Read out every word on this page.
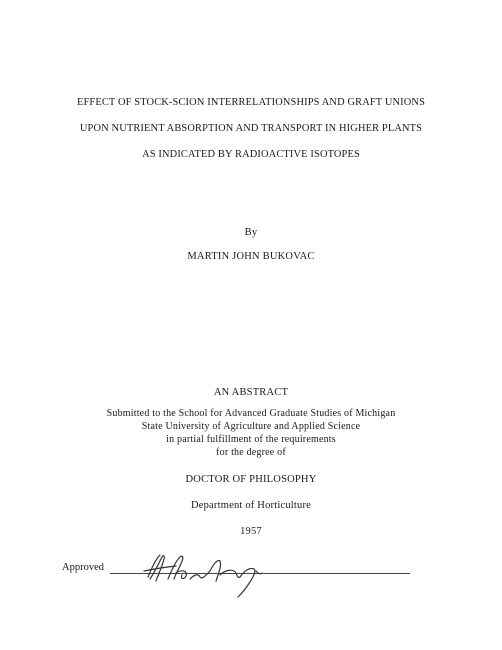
EFFECT OF STOCK-SCION INTERRELATIONSHIPS AND GRAFT UNIONS
UPON NUTRIENT ABSORPTION AND TRANSPORT IN HIGHER PLANTS
AS INDICATED BY RADIOACTIVE ISOTOPES
By
MARTIN JOHN BUKOVAC
AN ABSTRACT
Submitted to the School for Advanced Graduate Studies of Michigan
State University of Agriculture and Applied Science
in partial fulfillment of the requirements
for the degree of
DOCTOR OF PHILOSOPHY
Department of Horticulture
1957
Approved
